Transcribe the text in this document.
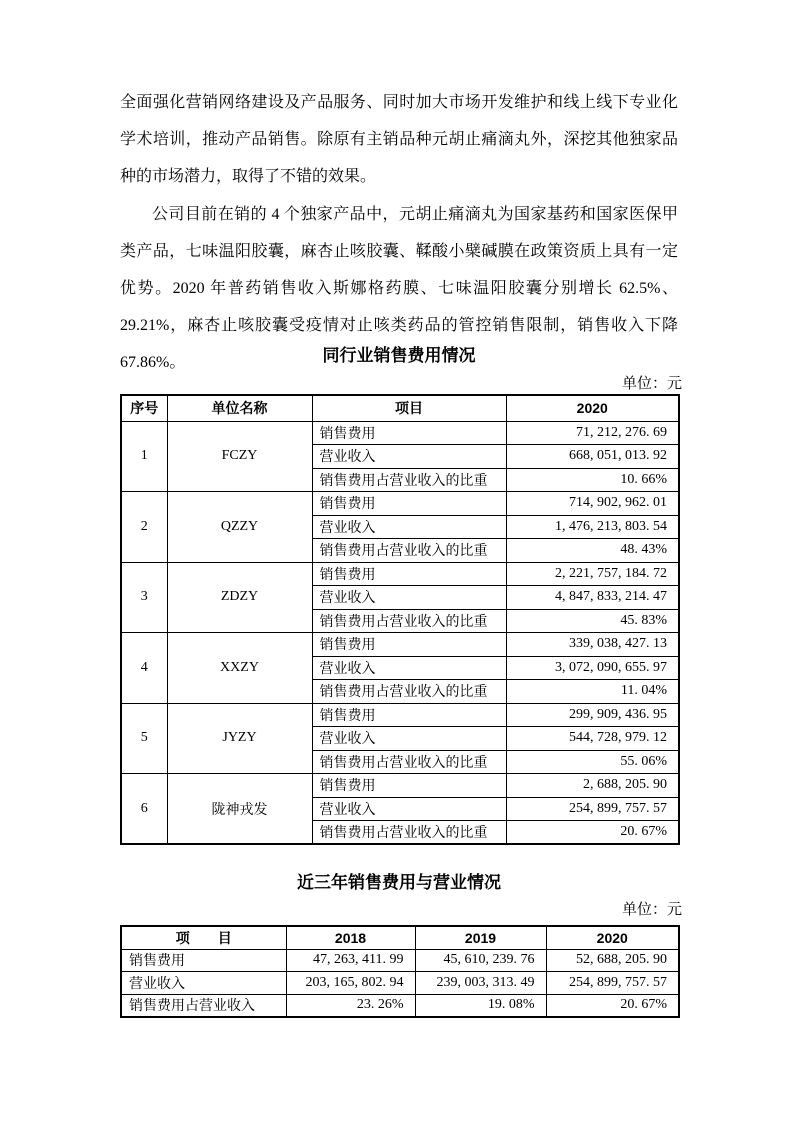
全面强化营销网络建设及产品服务、同时加大市场开发维护和线上线下专业化学术培训，推动产品销售。除原有主销品种元胡止痛滴丸外，深挖其他独家品种的市场潜力，取得了不错的效果。

公司目前在销的 4 个独家产品中，元胡止痛滴丸为国家基药和国家医保甲类产品，七味温阳胶囊，麻杏止咳胶囊、鞣酸小檗碱膜在政策资质上具有一定优势。2020 年普药销售收入斯娜格药膜、七味温阳胶囊分别增长 62.5%、29.21%，麻杏止咳胶囊受疫情对止咳类药品的管控销售限制，销售收入下降 67.86%。	同行业销售费用情况
单位：元
序号	单位名称	项目	2020
1	FCZY	销售费用	71, 212, 276. 69
		营业收入	668, 051, 013. 92
		销售费用占营业收入的比重	10. 66%
2	QZZY	销售费用	714, 902, 962. 01
		营业收入	1, 476, 213, 803. 54
		销售费用占营业收入的比重	48. 43%
3	ZDZY	销售费用	2, 221, 757, 184. 72
		营业收入	4, 847, 833, 214. 47
		销售费用占营业收入的比重	45. 83%
4	XXZY	销售费用	339, 038, 427. 13
		营业收入	3, 072, 090, 655. 97
		销售费用占营业收入的比重	11. 04%
5	JYZY	销售费用	299, 909, 436. 95
		营业收入	544, 728, 979. 12
		销售费用占营业收入的比重	55. 06%
6	陇神戎发	销售费用	2, 688, 205. 90
		营业收入	254, 899, 757. 57
		销售费用占营业收入的比重	20. 67%
近三年销售费用与营业情况
单位：元
项　　目	2018	2019	2020
销售费用	47, 263, 411. 99	45, 610, 239. 76	52, 688, 205. 90
营业收入	203, 165, 802. 94	239, 003, 313. 49	254, 899, 757. 57
销售费用占营业收入	23. 26%	19. 08%	20. 67%
